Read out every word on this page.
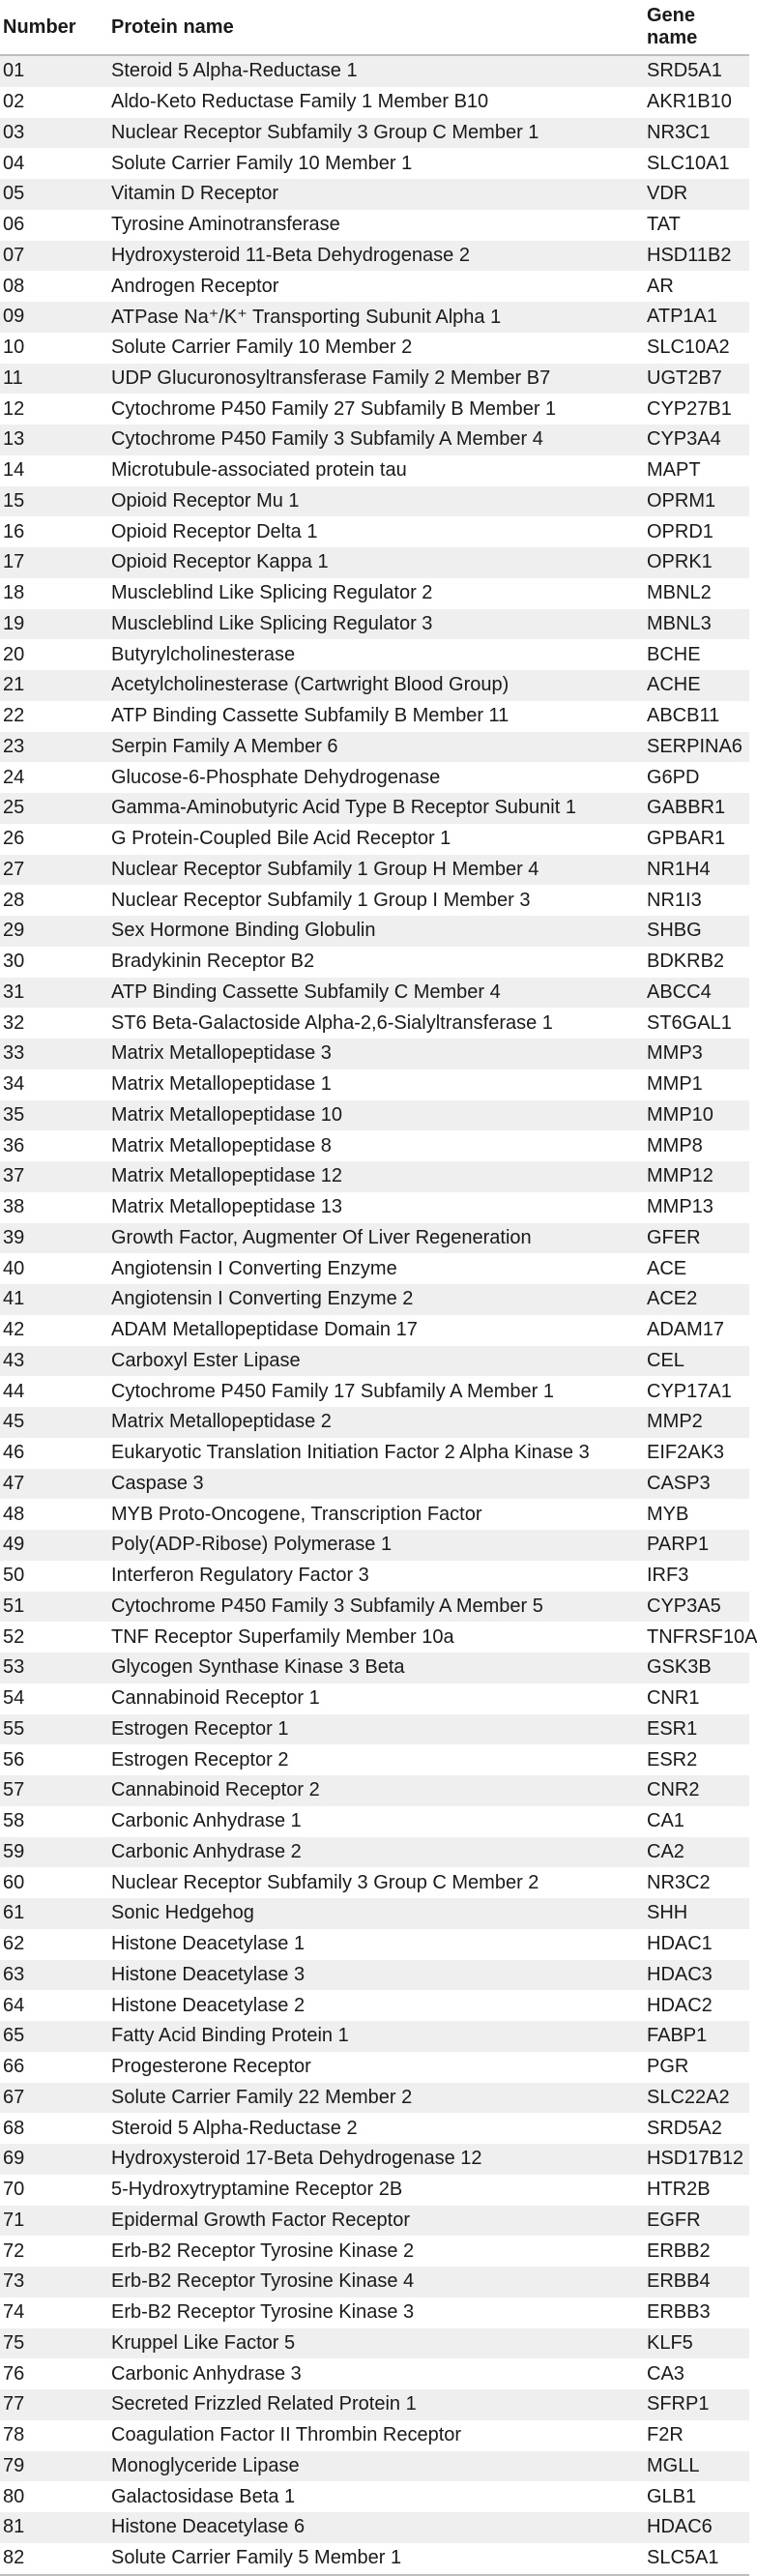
Number	Protein name	Gene name
01	Steroid 5 Alpha-Reductase 1	SRD5A1
02	Aldo-Keto Reductase Family 1 Member B10	AKR1B10
03	Nuclear Receptor Subfamily 3 Group C Member 1	NR3C1
04	Solute Carrier Family 10 Member 1	SLC10A1
05	Vitamin D Receptor	VDR
06	Tyrosine Aminotransferase	TAT
07	Hydroxysteroid 11-Beta Dehydrogenase 2	HSD11B2
08	Androgen Receptor	AR
09	ATPase Na⁺/K⁺ Transporting Subunit Alpha 1	ATP1A1
10	Solute Carrier Family 10 Member 2	SLC10A2
11	UDP Glucuronosyltransferase Family 2 Member B7	UGT2B7
12	Cytochrome P450 Family 27 Subfamily B Member 1	CYP27B1
13	Cytochrome P450 Family 3 Subfamily A Member 4	CYP3A4
14	Microtubule-associated protein tau	MAPT
15	Opioid Receptor Mu 1	OPRM1
16	Opioid Receptor Delta 1	OPRD1
17	Opioid Receptor Kappa 1	OPRK1
18	Muscleblind Like Splicing Regulator 2	MBNL2
19	Muscleblind Like Splicing Regulator 3	MBNL3
20	Butyrylcholinesterase	BCHE
21	Acetylcholinesterase (Cartwright Blood Group)	ACHE
22	ATP Binding Cassette Subfamily B Member 11	ABCB11
23	Serpin Family A Member 6	SERPINA6
24	Glucose-6-Phosphate Dehydrogenase	G6PD
25	Gamma-Aminobutyric Acid Type B Receptor Subunit 1	GABBR1
26	G Protein-Coupled Bile Acid Receptor 1	GPBAR1
27	Nuclear Receptor Subfamily 1 Group H Member 4	NR1H4
28	Nuclear Receptor Subfamily 1 Group I Member 3	NR1I3
29	Sex Hormone Binding Globulin	SHBG
30	Bradykinin Receptor B2	BDKRB2
31	ATP Binding Cassette Subfamily C Member 4	ABCC4
32	ST6 Beta-Galactoside Alpha-2,6-Sialyltransferase 1	ST6GAL1
33	Matrix Metallopeptidase 3	MMP3
34	Matrix Metallopeptidase 1	MMP1
35	Matrix Metallopeptidase 10	MMP10
36	Matrix Metallopeptidase 8	MMP8
37	Matrix Metallopeptidase 12	MMP12
38	Matrix Metallopeptidase 13	MMP13
39	Growth Factor, Augmenter Of Liver Regeneration	GFER
40	Angiotensin I Converting Enzyme	ACE
41	Angiotensin I Converting Enzyme 2	ACE2
42	ADAM Metallopeptidase Domain 17	ADAM17
43	Carboxyl Ester Lipase	CEL
44	Cytochrome P450 Family 17 Subfamily A Member 1	CYP17A1
45	Matrix Metallopeptidase 2	MMP2
46	Eukaryotic Translation Initiation Factor 2 Alpha Kinase 3	EIF2AK3
47	Caspase 3	CASP3
48	MYB Proto-Oncogene, Transcription Factor	MYB
49	Poly(ADP-Ribose) Polymerase 1	PARP1
50	Interferon Regulatory Factor 3	IRF3
51	Cytochrome P450 Family 3 Subfamily A Member 5	CYP3A5
52	TNF Receptor Superfamily Member 10a	TNFRSF10A
53	Glycogen Synthase Kinase 3 Beta	GSK3B
54	Cannabinoid Receptor 1	CNR1
55	Estrogen Receptor 1	ESR1
56	Estrogen Receptor 2	ESR2
57	Cannabinoid Receptor 2	CNR2
58	Carbonic Anhydrase 1	CA1
59	Carbonic Anhydrase 2	CA2
60	Nuclear Receptor Subfamily 3 Group C Member 2	NR3C2
61	Sonic Hedgehog	SHH
62	Histone Deacetylase 1	HDAC1
63	Histone Deacetylase 3	HDAC3
64	Histone Deacetylase 2	HDAC2
65	Fatty Acid Binding Protein 1	FABP1
66	Progesterone Receptor	PGR
67	Solute Carrier Family 22 Member 2	SLC22A2
68	Steroid 5 Alpha-Reductase 2	SRD5A2
69	Hydroxysteroid 17-Beta Dehydrogenase 12	HSD17B12
70	5-Hydroxytryptamine Receptor 2B	HTR2B
71	Epidermal Growth Factor Receptor	EGFR
72	Erb-B2 Receptor Tyrosine Kinase 2	ERBB2
73	Erb-B2 Receptor Tyrosine Kinase 4	ERBB4
74	Erb-B2 Receptor Tyrosine Kinase 3	ERBB3
75	Kruppel Like Factor 5	KLF5
76	Carbonic Anhydrase 3	CA3
77	Secreted Frizzled Related Protein 1	SFRP1
78	Coagulation Factor II Thrombin Receptor	F2R
79	Monoglyceride Lipase	MGLL
80	Galactosidase Beta 1	GLB1
81	Histone Deacetylase 6	HDAC6
82	Solute Carrier Family 5 Member 1	SLC5A1
